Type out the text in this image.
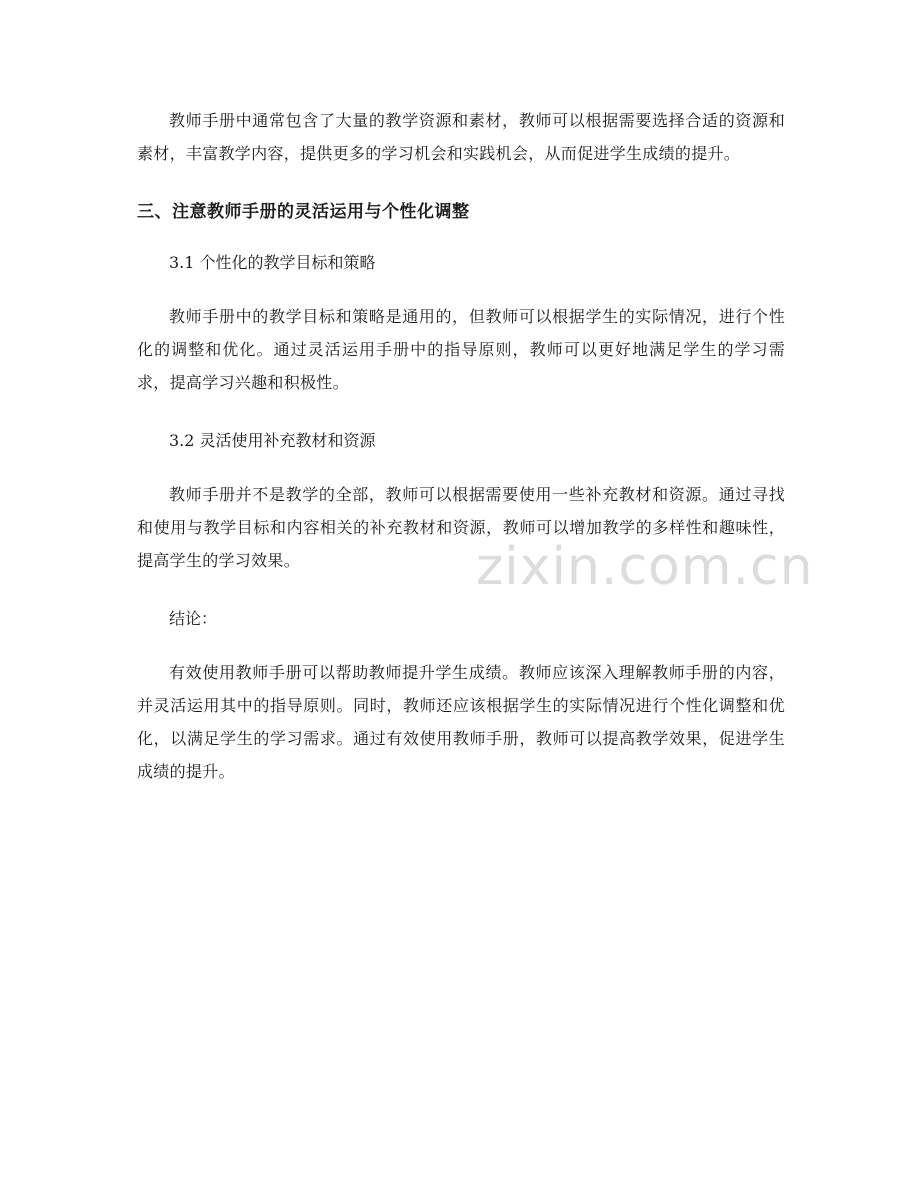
zixin.com.cn

教师手册中通常包含了大量的教学资源和素材，教师可以根据需要选择合适的资源和素材，丰富教学内容，提供更多的学习机会和实践机会，从而促进学生成绩的提升。

三、注意教师手册的灵活运用与个性化调整

3.1 个性化的教学目标和策略

教师手册中的教学目标和策略是通用的，但教师可以根据学生的实际情况，进行个性化的调整和优化。通过灵活运用手册中的指导原则，教师可以更好地满足学生的学习需求，提高学习兴趣和积极性。

3.2 灵活使用补充教材和资源

教师手册并不是教学的全部，教师可以根据需要使用一些补充教材和资源。通过寻找和使用与教学目标和内容相关的补充教材和资源，教师可以增加教学的多样性和趣味性，提高学生的学习效果。

结论：

有效使用教师手册可以帮助教师提升学生成绩。教师应该深入理解教师手册的内容，并灵活运用其中的指导原则。同时，教师还应该根据学生的实际情况进行个性化调整和优化，以满足学生的学习需求。通过有效使用教师手册，教师可以提高教学效果，促进学生成绩的提升。
